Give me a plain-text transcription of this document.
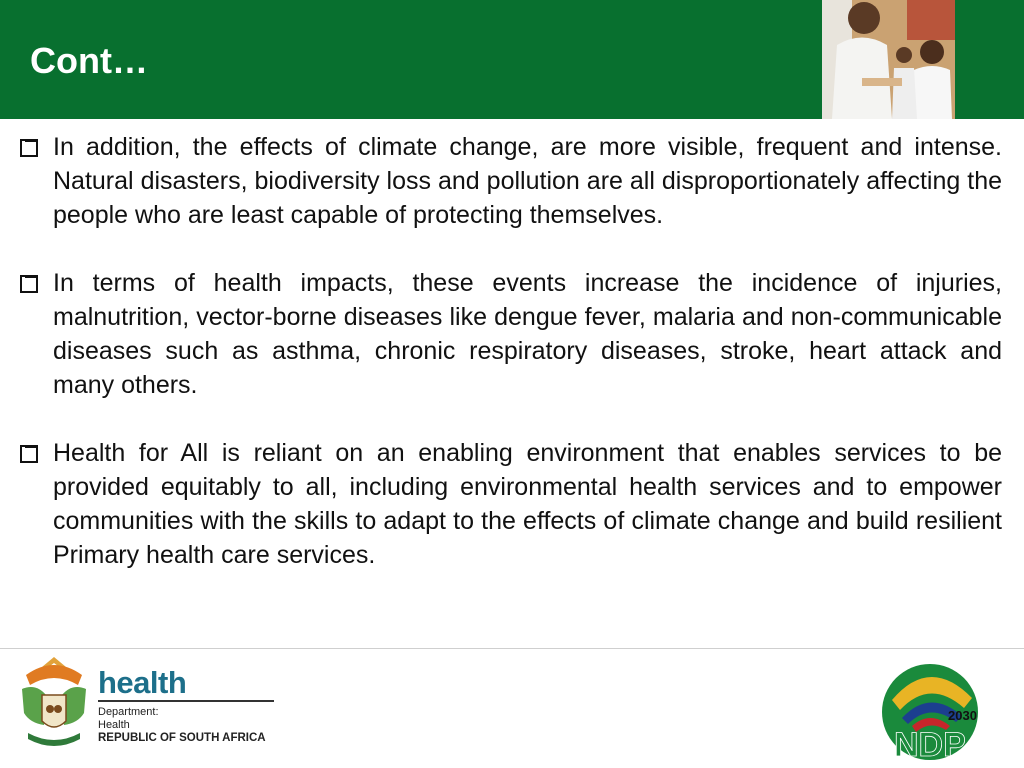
Cont…
In addition, the effects of climate change, are more visible, frequent and intense. Natural disasters, biodiversity loss and pollution are all disproportionately affecting the people who are least capable of protecting themselves.
In terms of health impacts, these events increase the incidence of injuries, malnutrition, vector-borne diseases like dengue fever, malaria and non-communicable diseases such as asthma, chronic respiratory diseases, stroke, heart attack and many others.
Health for All is reliant on an enabling environment that enables services to be provided equitably to all, including environmental health services and to empower communities with the skills to adapt to the effects of climate change and build resilient Primary health care services.
health
Department:
Health
REPUBLIC OF SOUTH AFRICA
2030
NDP
